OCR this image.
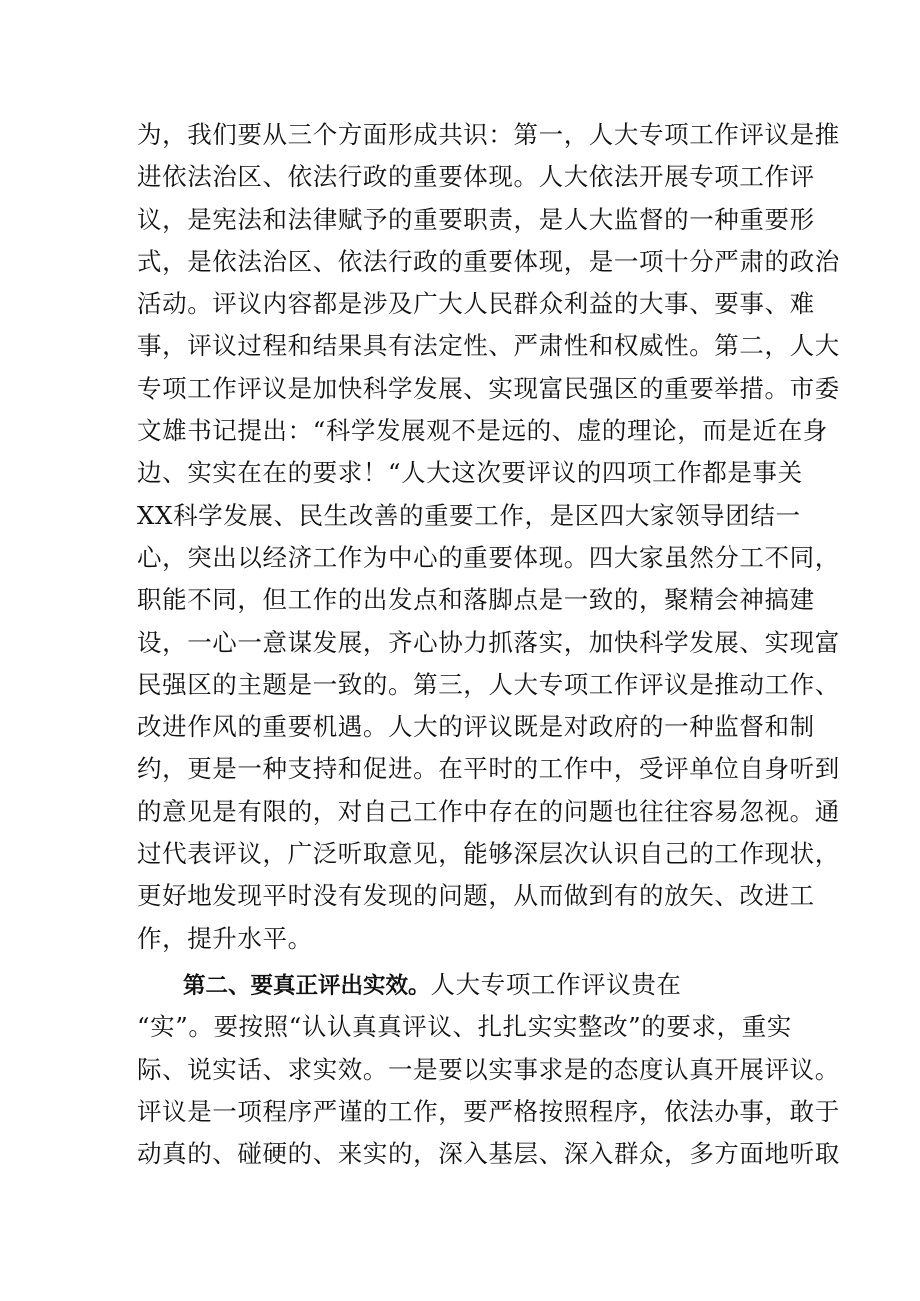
为，我们要从三个方面形成共识：第一，人大专项工作评议是推
进依法治区、依法行政的重要体现。人大依法开展专项工作评
议，是宪法和法律赋予的重要职责，是人大监督的一种重要形
式，是依法治区、依法行政的重要体现，是一项十分严肃的政治
活动。评议内容都是涉及广大人民群众利益的大事、要事、难
事，评议过程和结果具有法定性、严肃性和权威性。第二，人大
专项工作评议是加快科学发展、实现富民强区的重要举措。市委
文雄书记提出：“科学发展观不是远的、虚的理论，而是近在身
边、实实在在的要求！“人大这次要评议的四项工作都是事关
XX科学发展、民生改善的重要工作，是区四大家领导团结一
心，突出以经济工作为中心的重要体现。四大家虽然分工不同，
职能不同，但工作的出发点和落脚点是一致的，聚精会神搞建
设，一心一意谋发展，齐心协力抓落实，加快科学发展、实现富
民强区的主题是一致的。第三，人大专项工作评议是推动工作、
改进作风的重要机遇。人大的评议既是对政府的一种监督和制
约，更是一种支持和促进。在平时的工作中，受评单位自身听到
的意见是有限的，对自己工作中存在的问题也往往容易忽视。通
过代表评议，广泛听取意见，能够深层次认识自己的工作现状，
更好地发现平时没有发现的问题，从而做到有的放矢、改进工
作，提升水平。
第二、要真正评出实效。人大专项工作评议贵在
“实”。要按照“认认真真评议、扎扎实实整改”的要求，重实
际、说实话、求实效。一是要以实事求是的态度认真开展评议。
评议是一项程序严谨的工作，要严格按照程序，依法办事，敢于
动真的、碰硬的、来实的，深入基层、深入群众，多方面地听取
